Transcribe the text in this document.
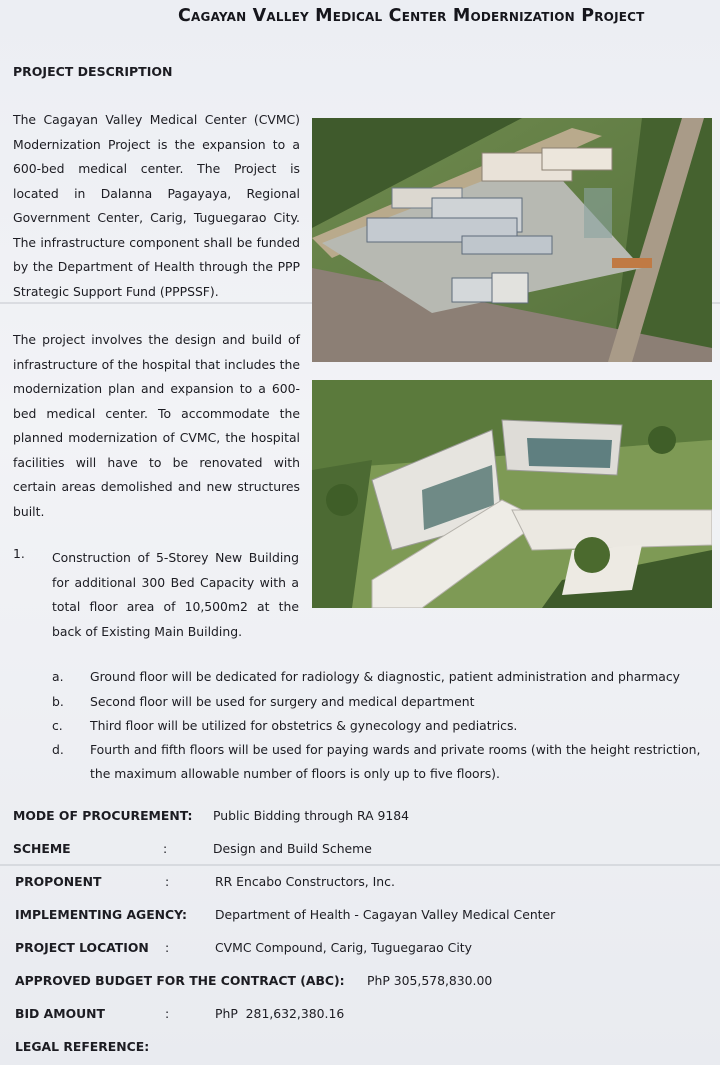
Cagayan Valley Medical Center Modernization Project
PROJECT DESCRIPTION
The Cagayan Valley Medical Center (CVMC) Modernization Project is the expansion to a 600-bed medical center. The Project is located in Dalanna Pagayaya, Regional Government Center, Carig, Tuguegarao City. The infrastructure component shall be funded by the Department of Health through the PPP Strategic Support Fund (PPPSSF).
The project involves the design and build of infrastructure of the hospital that includes the modernization plan and expansion to a 600-bed medical center. To accommodate the planned modernization of CVMC, the hospital facilities will have to be renovated with certain areas demolished and new structures built.
1. Construction of 5-Storey New Building for additional 300 Bed Capacity with a total floor area of 10,500m2 at the back of Existing Main Building.
a. Ground floor will be dedicated for radiology & diagnostic, patient administration and pharmacy
b. Second floor will be used for surgery and medical department
c. Third floor will be utilized for obstetrics & gynecology and pediatrics.
d. Fourth and fifth floors will be used for paying wards and private rooms (with the height restriction, the maximum allowable number of floors is only up to five floors).
MODE OF PROCUREMENT: Public Bidding through RA 9184
SCHEME	:	Design and Build Scheme
PROPONENT	:	RR Encabo Constructors, Inc.
IMPLEMENTING AGENCY: Department of Health - Cagayan Valley Medical Center
PROJECT LOCATION :	CVMC Compound, Carig, Tuguegarao City
APPROVED BUDGET FOR THE CONTRACT (ABC): PhP 305,578,830.00
BID AMOUNT	:	PhP  281,632,380.16
LEGAL REFERENCE:
